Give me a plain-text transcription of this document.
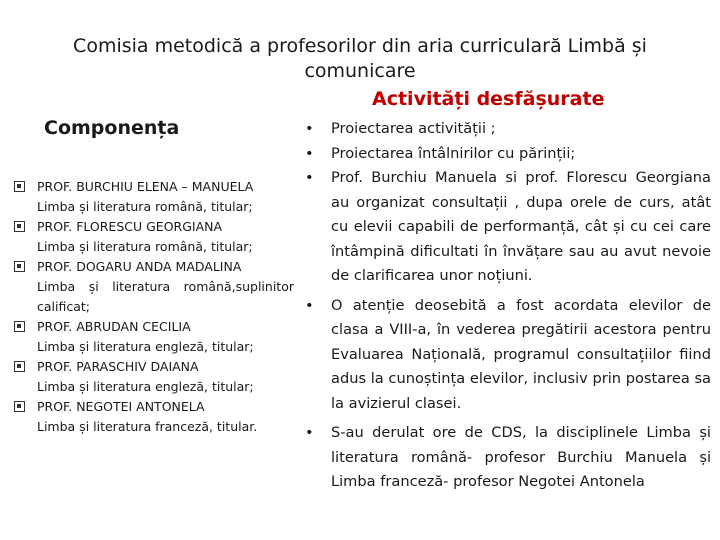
Comisia metodică a profesorilor din aria curriculară Limbă și comunicare
Activități desfășurate
Componența
PROF. BURCHIU ELENA – MANUELA
Limba și literatura română, titular;
PROF. FLORESCU GEORGIANA
Limba și literatura română, titular;
PROF. DOGARU ANDA MADALINA
Limba și literatura română,suplinitor calificat;
PROF. ABRUDAN CECILIA
Limba și literatura engleză, titular;
PROF. PARASCHIV DAIANA
Limba și literatura engleză, titular;
PROF. NEGOTEI ANTONELA
Limba și literatura franceză, titular.
• Proiectarea activității ;
• Proiectarea întâlnirilor cu părinții;
• Prof. Burchiu Manuela si prof. Florescu Georgiana au organizat consultații , dupa orele de curs, atât cu elevii capabili de performanță, cât și cu cei care întâmpină dificultati în învățare sau au avut nevoie de clarificarea unor noțiuni.
• O atenție deosebită a fost acordata elevilor de clasa a VIII-a, în vederea pregătirii acestora pentru Evaluarea Națională, programul consultațiilor fiind adus la cunoștința elevilor, inclusiv prin postarea sa la avizierul clasei.
• S-au derulat ore de CDS, la disciplinele Limba și literatura română- profesor Burchiu Manuela și Limba franceză- profesor Negotei Antonela
